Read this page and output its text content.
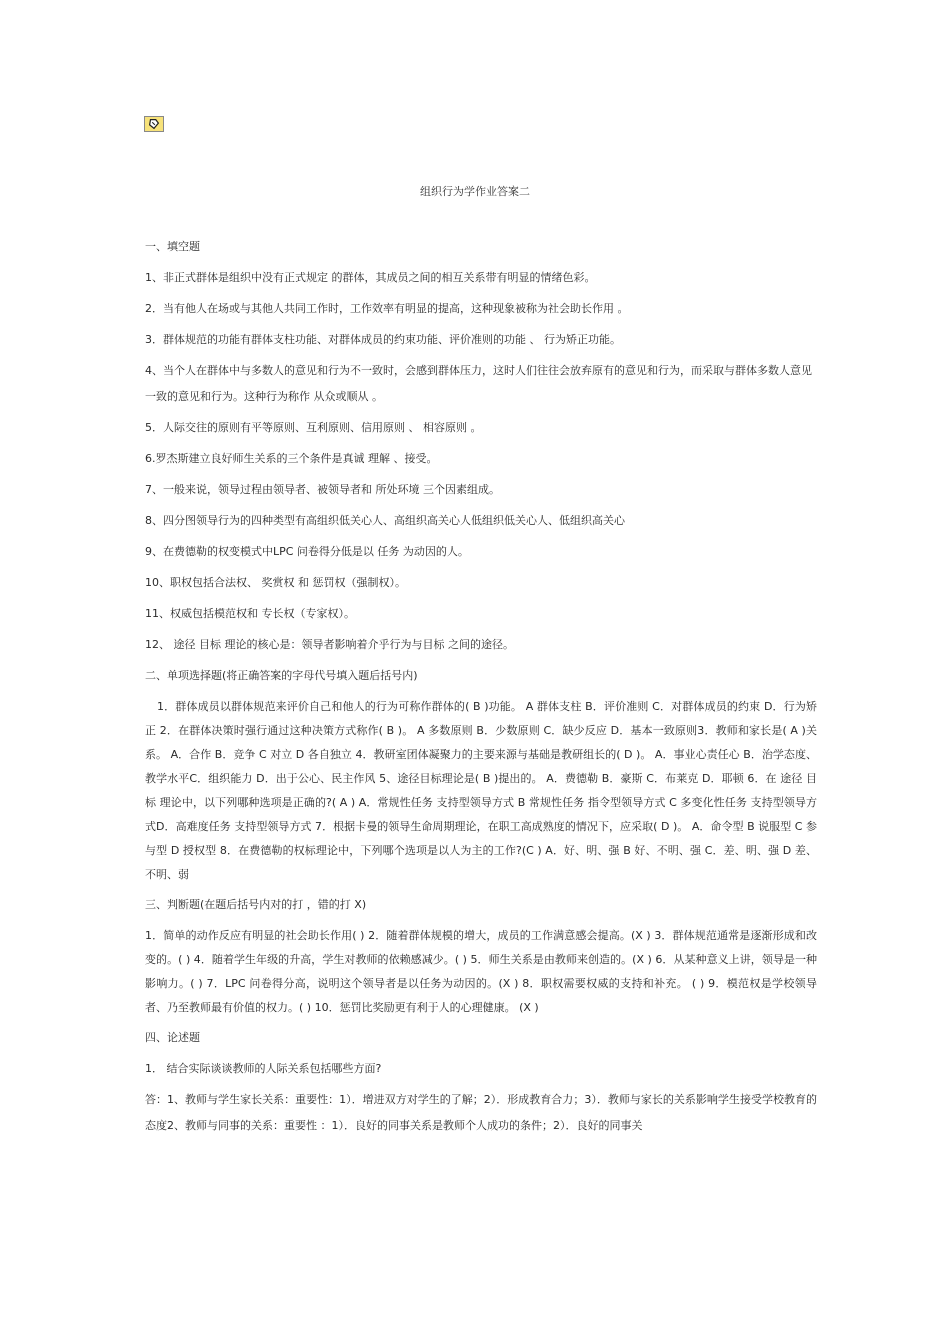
组织行为学作业答案二

一、填空题

1、非正式群体是组织中没有正式规定 的群体，其成员之间的相互关系带有明显的情绪色彩。

2．当有他人在场或与其他人共同工作时，工作效率有明显的提高，这种现象被称为社会助长作用 。

3．群体规范的功能有群体支柱功能、对群体成员的约束功能、评价准则的功能 、 行为矫正功能。

4、当个人在群体中与多数人的意见和行为不一致时，会感到群体压力，这时人们往往会放弃原有的意见和行为，而采取与群体多数人意见一致的意见和行为。这种行为称作 从众或顺从 。

5．人际交往的原则有平等原则、互利原则、信用原则 、 相容原则 。

6.罗杰斯建立良好师生关系的三个条件是真诚 理解 、接受。

7、一般来说，领导过程由领导者、被领导者和 所处环境 三个因素组成。

8、四分图领导行为的四种类型有高组织低关心人、高组织高关心人低组织低关心人、低组织高关心

9、在费德勒的权变模式中LPC 问卷得分低是以 任务 为动因的人。

10、职权包括合法权、 奖赏权 和 惩罚权（强制权）。

11、权威包括模范权和 专长权（专家权）。

12、 途径 目标 理论的核心是：领导者影响着介乎行为与目标 之间的途径。

二、单项选择题(将正确答案的字母代号填入题后括号内)

1．群体成员以群体规范来评价自己和他人的行为可称作群体的( B )功能。 A 群体支柱 B．评价准则 C．对群体成员的约束 D．行为矫正 2．在群体决策时强行通过这种决策方式称作( B )。 A 多数原则 B．少数原则 C．缺少反应 D．基本一致原则3．教师和家长是( A )关系。 A．合作 B．竞争 C 对立 D 各自独立 4．教研室团体凝聚力的主要来源与基础是教研组长的( D )。 A．事业心责任心 B．治学态度、教学水平C．组织能力 D．出于公心、民主作风 5、途径目标理论是( B )提出的。 A．费德勒 B．豪斯 C．布莱克 D．耶顿 6．在 途径 目标 理论中，以下列哪种选项是正确的?( A ) A．常规性任务 支持型领导方式 B 常规性任务 指令型领导方式 C 多变化性任务 支持型领导方式D．高难度任务 支持型领导方式 7．根据卡曼的领导生命周期理论，在职工高成熟度的情况下，应采取( D )。 A．命令型 B 说服型 C 参与型 D 授权型 8．在费德勒的权标理论中，下列哪个选项是以人为主的工作?(C ) A．好、明、强 B 好、不明、强 C．差、明、强 D 差、不明、弱

三、判断题(在题后括号内对的打 ，错的打 X)

1．简单的动作反应有明显的社会助长作用( ) 2．随着群体规模的增大，成员的工作满意感会提高。(X ) 3．群体规范通常是逐渐形成和改变的。( ) 4．随着学生年级的升高，学生对教师的依赖感减少。( ) 5．师生关系是由教师来创造的。(X ) 6．从某种意义上讲，领导是一种影响力。( ) 7．LPC 问卷得分高，说明这个领导者是以任务为动因的。(X ) 8．职权需要权威的支持和补充。 ( ) 9．模范权是学校领导者、乃至教师最有价值的权力。( ) 10．惩罚比奖励更有利于人的心理健康。 (X )

四、论述题

1． 结合实际谈谈教师的人际关系包括哪些方面?

答：1、教师与学生家长关系：重要性：1）．增进双方对学生的了解；2）．形成教育合力；3）．教师与家长的关系影响学生接受学校教育的态度2、教师与同事的关系：重要性 ：1）．良好的同事关系是教师个人成功的条件；2）．良好的同事关
